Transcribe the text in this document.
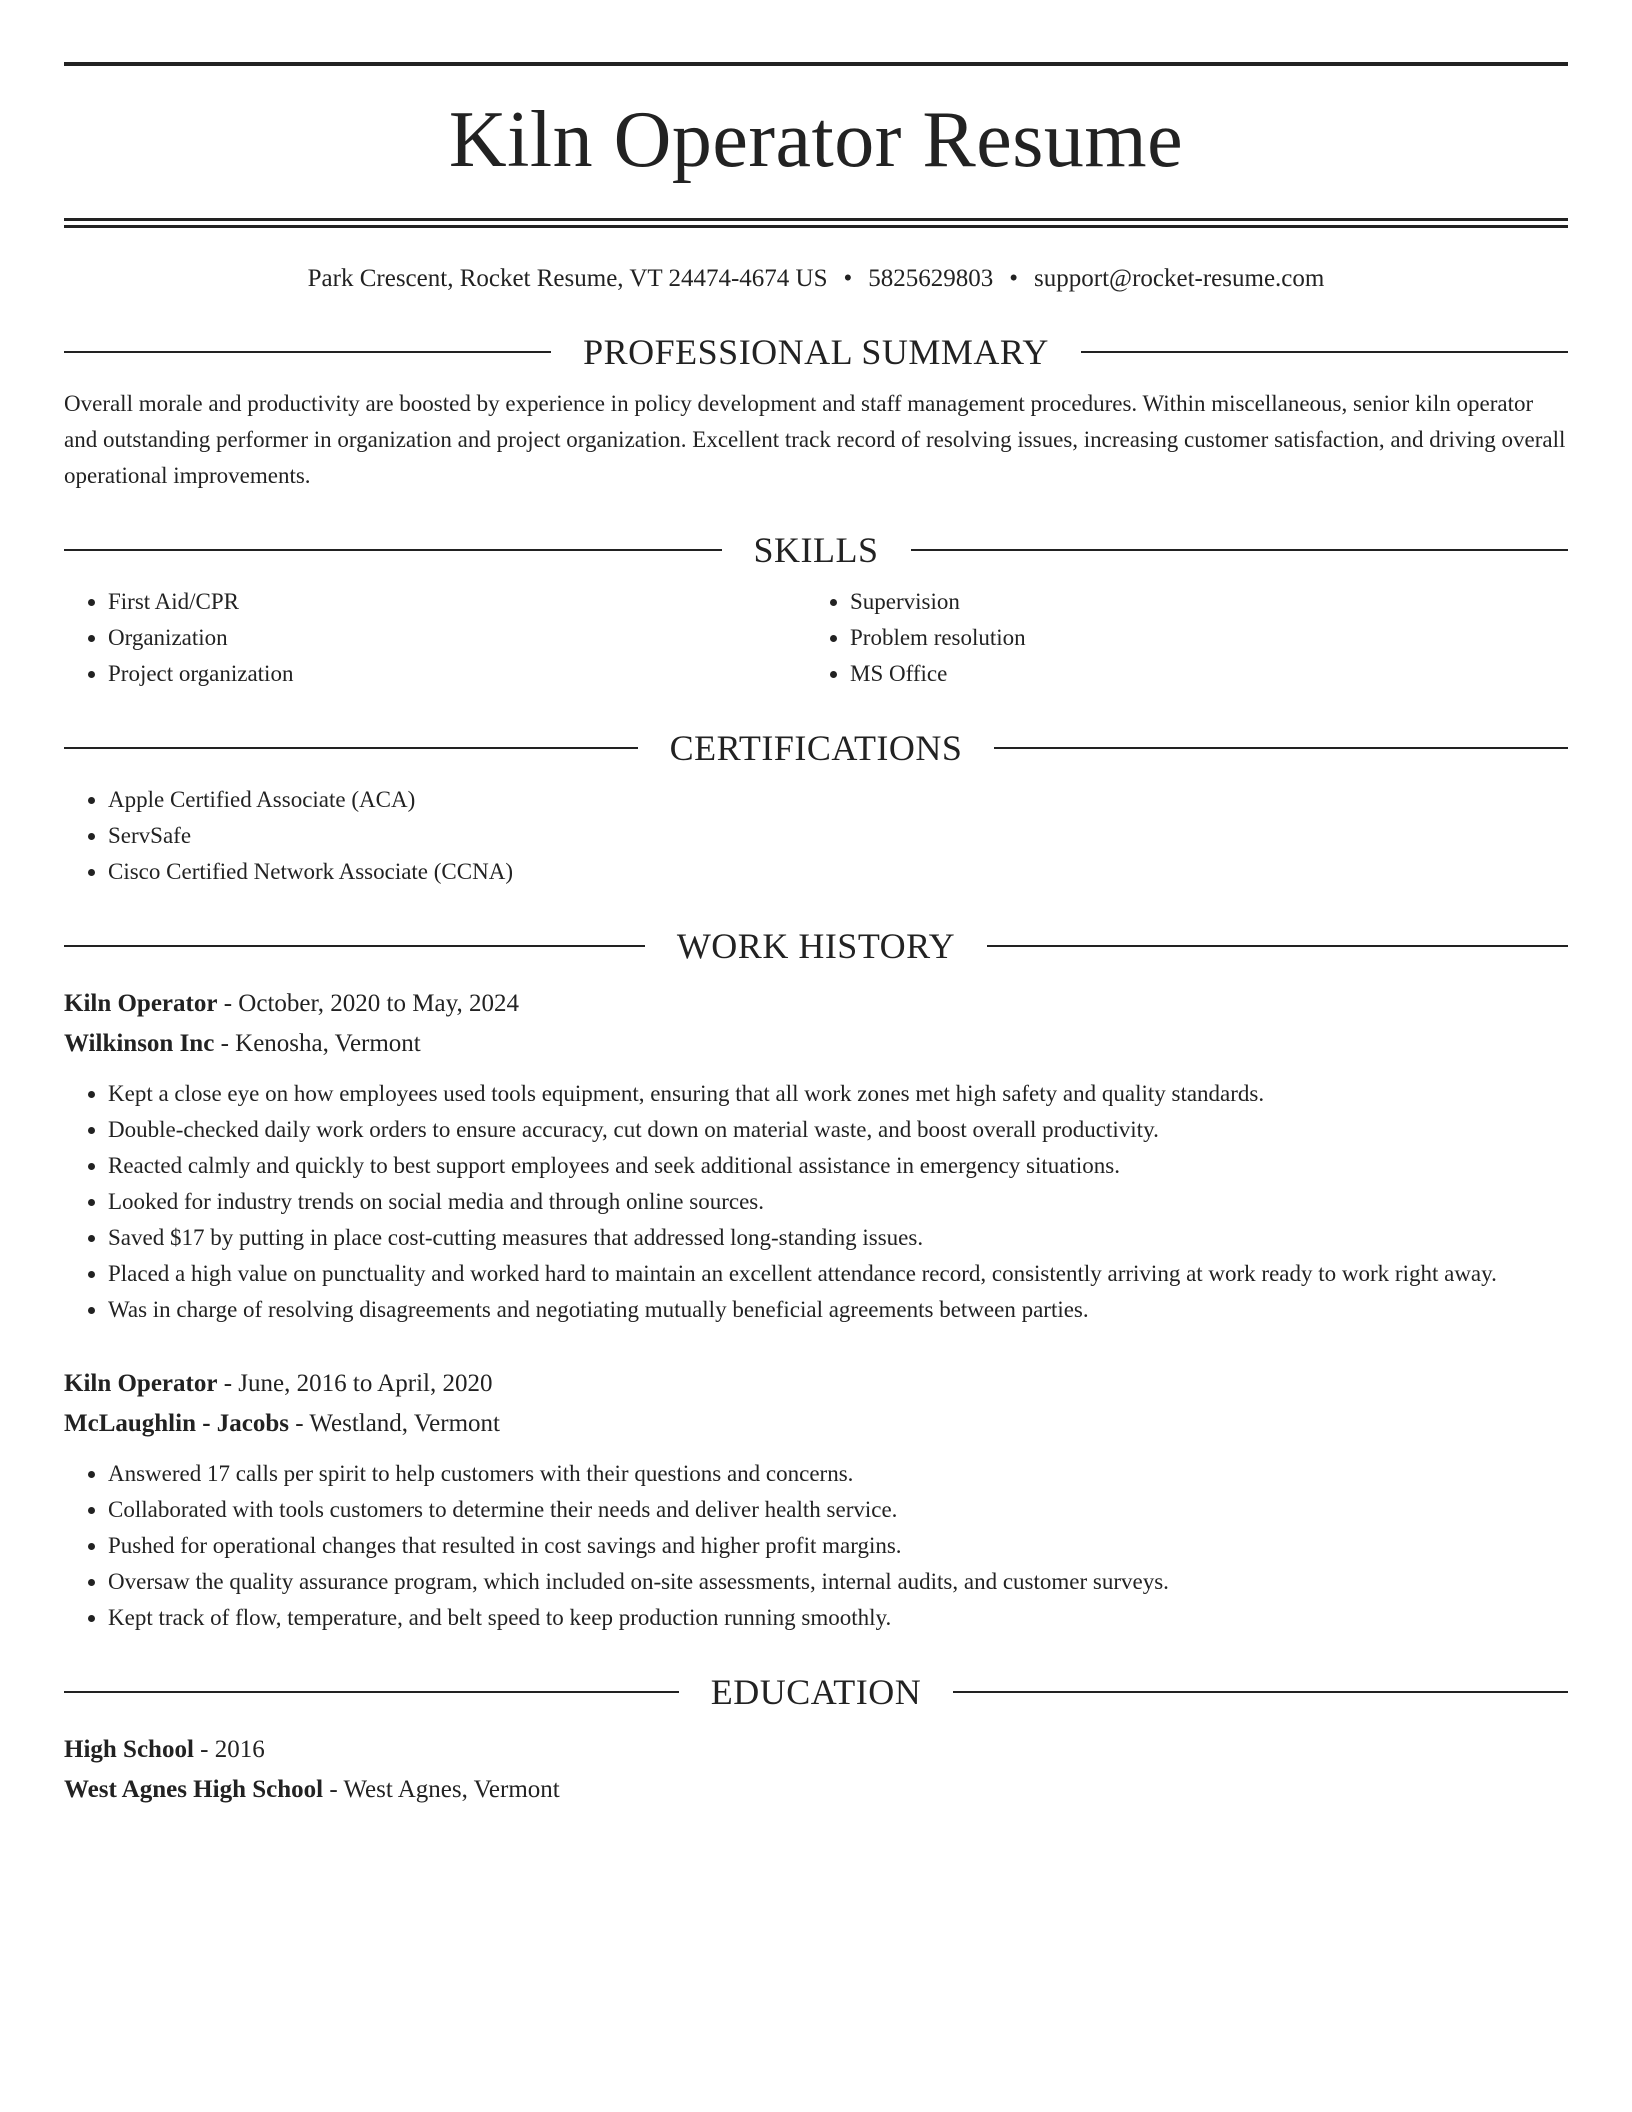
Kiln Operator Resume
Park Crescent, Rocket Resume, VT 24474-4674 US • 5825629803 • support@rocket-resume.com
PROFESSIONAL SUMMARY

Overall morale and productivity are boosted by experience in policy development and staff management procedures. Within miscellaneous, senior kiln operator and outstanding performer in organization and project organization. Excellent track record of resolving issues, increasing customer satisfaction, and driving overall operational improvements.

SKILLS
• First Aid/CPR
• Organization
• Project organization
• Supervision
• Problem resolution
• MS Office
CERTIFICATIONS
• Apple Certified Associate (ACA)
• ServSafe
• Cisco Certified Network Associate (CCNA)
WORK HISTORY
Kiln Operator - October, 2020 to May, 2024
Wilkinson Inc - Kenosha, Vermont
• Kept a close eye on how employees used tools equipment, ensuring that all work zones met high safety and quality standards.
• Double-checked daily work orders to ensure accuracy, cut down on material waste, and boost overall productivity.
• Reacted calmly and quickly to best support employees and seek additional assistance in emergency situations.
• Looked for industry trends on social media and through online sources.
• Saved $17 by putting in place cost-cutting measures that addressed long-standing issues.
• Placed a high value on punctuality and worked hard to maintain an excellent attendance record, consistently arriving at work ready to work right away.
• Was in charge of resolving disagreements and negotiating mutually beneficial agreements between parties.
Kiln Operator - June, 2016 to April, 2020
McLaughlin - Jacobs - Westland, Vermont
• Answered 17 calls per spirit to help customers with their questions and concerns.
• Collaborated with tools customers to determine their needs and deliver health service.
• Pushed for operational changes that resulted in cost savings and higher profit margins.
• Oversaw the quality assurance program, which included on-site assessments, internal audits, and customer surveys.
• Kept track of flow, temperature, and belt speed to keep production running smoothly.
EDUCATION
High School - 2016
West Agnes High School - West Agnes, Vermont
